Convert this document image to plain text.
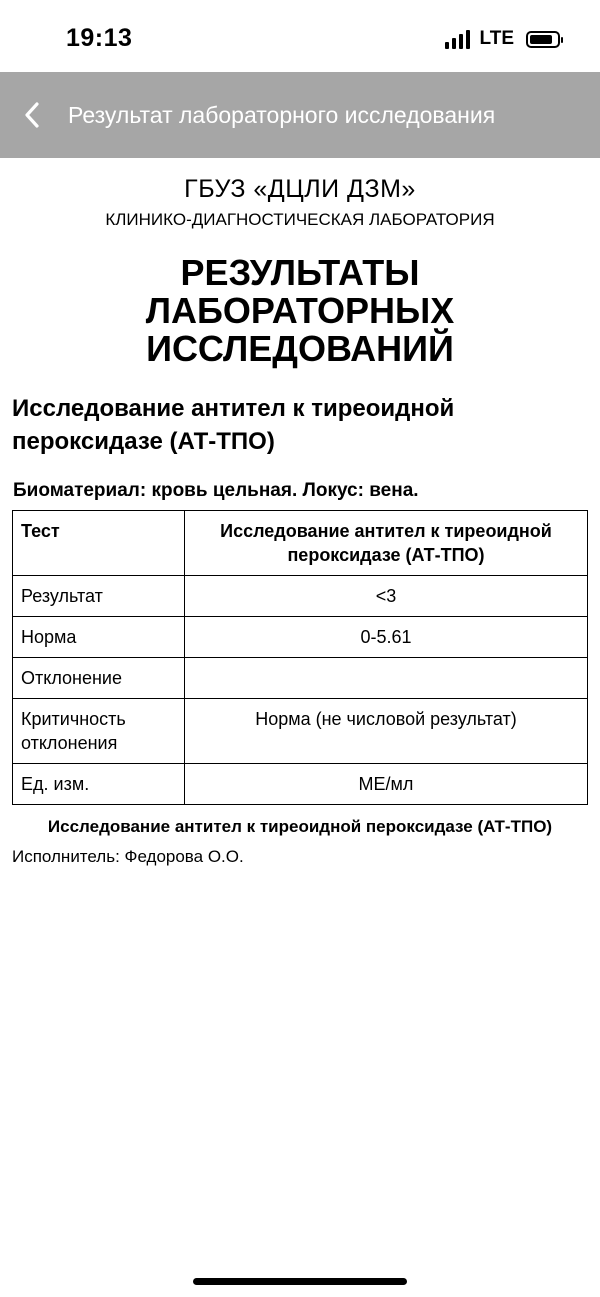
19:13	LTE
Результат лабораторного исследования
ГБУЗ «ДЦЛИ ДЗМ»
КЛИНИКО-ДИАГНОСТИЧЕСКАЯ ЛАБОРАТОРИЯ
РЕЗУЛЬТАТЫ ЛАБОРАТОРНЫХ ИССЛЕДОВАНИЙ
Исследование антител к тиреоидной пероксидазе (АТ-ТПО)
Биоматериал: кровь цельная. Локус: вена.
Тест	Исследование антител к тиреоидной пероксидазе (АТ-ТПО)
Результат	<3
Норма	0-5.61
Отклонение	
Критичность отклонения	Норма (не числовой результат)
Ед. изм.	МЕ/мл
Исследование антител к тиреоидной пероксидазе (АТ-ТПО)
Исполнитель: Федорова О.О.
